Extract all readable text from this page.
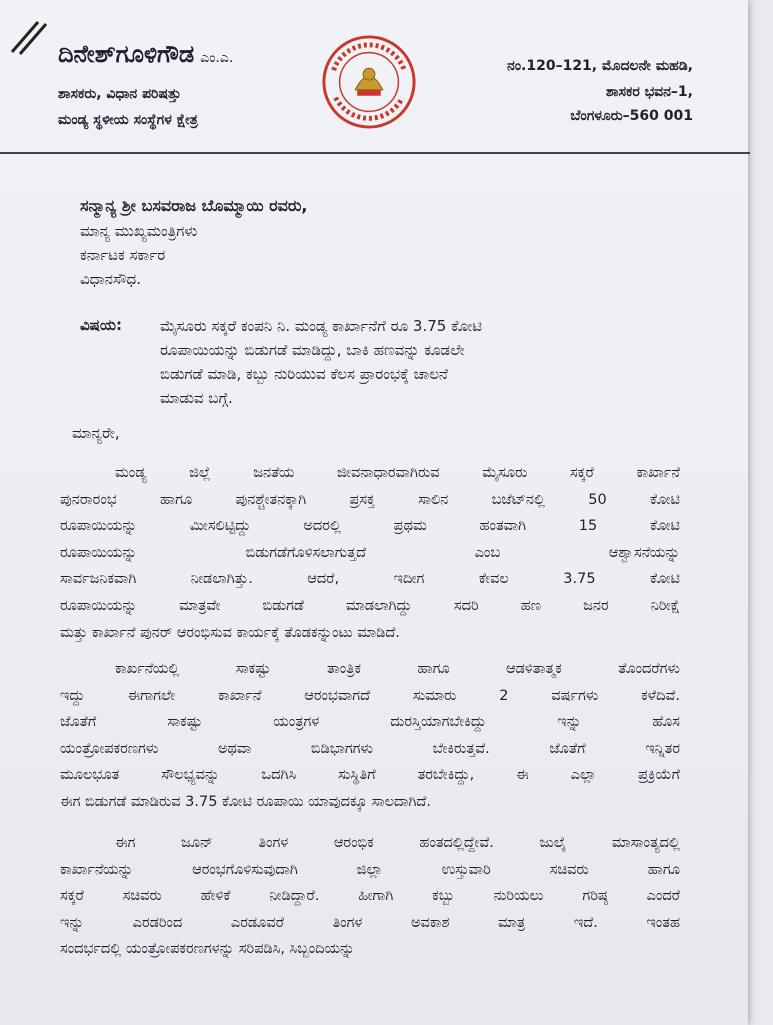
ದಿನೇಶ್‌ಗೂಳಿಗೌಡ ಎಂ.ಎ.
ಶಾಸಕರು, ವಿಧಾನ ಪರಿಷತ್ತು
ಮಂಡ್ಯ ಸ್ಥಳೀಯ ಸಂಸ್ಥೆಗಳ ಕ್ಷೇತ್ರ
ನಂ.120–121, ಮೊದಲನೇ ಮಹಡಿ,
ಶಾಸಕರ ಭವನ–1,
ಬೆಂಗಳೂರು–560 001
ಸನ್ಮಾನ್ಯ ಶ್ರೀ ಬಸವರಾಜ ಬೊಮ್ಮಾಯಿ ರವರು,
ಮಾನ್ಯ ಮುಖ್ಯಮಂತ್ರಿಗಳು
ಕರ್ನಾಟಕ ಸರ್ಕಾರ
ವಿಧಾನಸೌಧ.
ವಿಷಯ:	ಮೈಸೂರು ಸಕ್ಕರೆ ಕಂಪನಿ ನಿ. ಮಂಡ್ಯ ಕಾರ್ಖಾನೆಗೆ ರೂ 3.75 ಕೋಟಿ
ರೂಪಾಯಿಯನ್ನು ಬಿಡುಗಡೆ ಮಾಡಿದ್ದು, ಬಾಕಿ ಹಣವನ್ನು ಕೂಡಲೇ
ಬಿಡುಗಡೆ ಮಾಡಿ, ಕಬ್ಬು ನುರಿಯುವ ಕೆಲಸ ಪ್ರಾರಂಭಕ್ಕೆ ಚಾಲನೆ
ಮಾಡುವ ಬಗ್ಗೆ.
ಮಾನ್ಯರೇ,
ಮಂಡ್ಯ ಜಿಲ್ಲೆ ಜನತೆಯ ಜೀವನಾಧಾರವಾಗಿರುವ ಮೈಸೂರು ಸಕ್ಕರೆ ಕಾರ್ಖಾನೆ
ಪುನರಾರಂಭ ಹಾಗೂ ಪುನಶ್ಚೇತನಕ್ಕಾಗಿ ಪ್ರಸಕ್ತ ಸಾಲಿನ ಬಜೆಟ್‌ನಲ್ಲಿ 50 ಕೋಟಿ
ರೂಪಾಯಿಯನ್ನು ಮೀಸಲಿಟ್ಟಿದ್ದು ಅದರಲ್ಲಿ ಪ್ರಥಮ ಹಂತವಾಗಿ 15 ಕೋಟಿ
ರೂಪಾಯಿಯನ್ನು ಬಿಡುಗಡೆಗೊಳಿಸಲಾಗುತ್ತದೆ ಎಂಬ ಆಶ್ವಾಸನೆಯನ್ನು
ಸಾರ್ವಜನಿಕವಾಗಿ ನೀಡಲಾಗಿತ್ತು. ಆದರೆ, ಇದೀಗ ಕೇವಲ 3.75 ಕೋಟಿ
ರೂಪಾಯಿಯನ್ನು ಮಾತ್ರವೇ ಬಿಡುಗಡೆ ಮಾಡಲಾಗಿದ್ದು ಸದರಿ ಹಣ ಜನರ ನಿರೀಕ್ಷೆ
ಮತ್ತು ಕಾರ್ಖಾನೆ ಪುನರ್ ಆರಂಭಿಸುವ ಕಾರ್ಯಕ್ಕೆ ತೊಡಕನ್ನುಂಟು ಮಾಡಿದೆ.
ಕಾರ್ಖನೆಯಲ್ಲಿ ಸಾಕಷ್ಟು ತಾಂತ್ರಿಕ ಹಾಗೂ ಆಡಳಿತಾತ್ಮಕ ತೊಂದರೆಗಳು
ಇದ್ದು ಈಗಾಗಲೇ ಕಾರ್ಖಾನೆ ಆರಂಭವಾಗದೆ ಸುಮಾರು 2 ವರ್ಷಗಳು ಕಳೆದಿವೆ.
ಜೊತೆಗೆ ಸಾಕಷ್ಟು ಯಂತ್ರಗಳ ದುರಸ್ತಿಯಾಗಬೇಕಿದ್ದು ಇನ್ನು ಹೊಸ
ಯಂತ್ರೋಪಕರಣಗಳು ಅಥವಾ ಬಿಡಿಭಾಗಗಳು ಬೇಕಿರುತ್ತವೆ. ಜೊತೆಗೆ ಇನ್ನಿತರ
ಮೂಲಭೂತ ಸೌಲಭ್ಯವನ್ನು ಒದಗಿಸಿ ಸುಸ್ಥಿತಿಗೆ ತರಬೇಕಿದ್ದು, ಈ ಎಲ್ಲಾ ಪ್ರಕ್ರಿಯೆಗೆ
ಈಗ ಬಿಡುಗಡೆ ಮಾಡಿರುವ 3.75 ಕೋಟಿ ರೂಪಾಯಿ ಯಾವುದಕ್ಕೂ ಸಾಲದಾಗಿದೆ.
ಈಗ ಜೂನ್ ತಿಂಗಳ ಆರಂಭಿಕ ಹಂತದಲ್ಲಿದ್ದೇವೆ. ಜುಲೈ ಮಾಸಾಂತ್ಯದಲ್ಲಿ
ಕಾರ್ಖಾನೆಯನ್ನು ಆರಂಭಗೊಳಿಸುವುದಾಗಿ ಜಿಲ್ಲಾ ಉಸ್ತುವಾರಿ ಸಚಿವರು ಹಾಗೂ
ಸಕ್ಕರೆ ಸಚಿವರು ಹೇಳಿಕೆ ನೀಡಿದ್ದಾರೆ. ಹೀಗಾಗಿ ಕಬ್ಬು ನುರಿಯಲು ಗರಿಷ್ಠ ಎಂದರೆ
ಇನ್ನು ಎರಡರಿಂದ ಎರಡೂವರೆ ತಿಂಗಳ ಅವಕಾಶ ಮಾತ್ರ ಇದೆ. ಇಂತಹ
ಸಂದರ್ಭದಲ್ಲಿ ಯಂತ್ರೋಪಕರಣಗಳನ್ನು ಸರಿಪಡಿಸಿ, ಸಿಬ್ಬಂದಿಯನ್ನು
